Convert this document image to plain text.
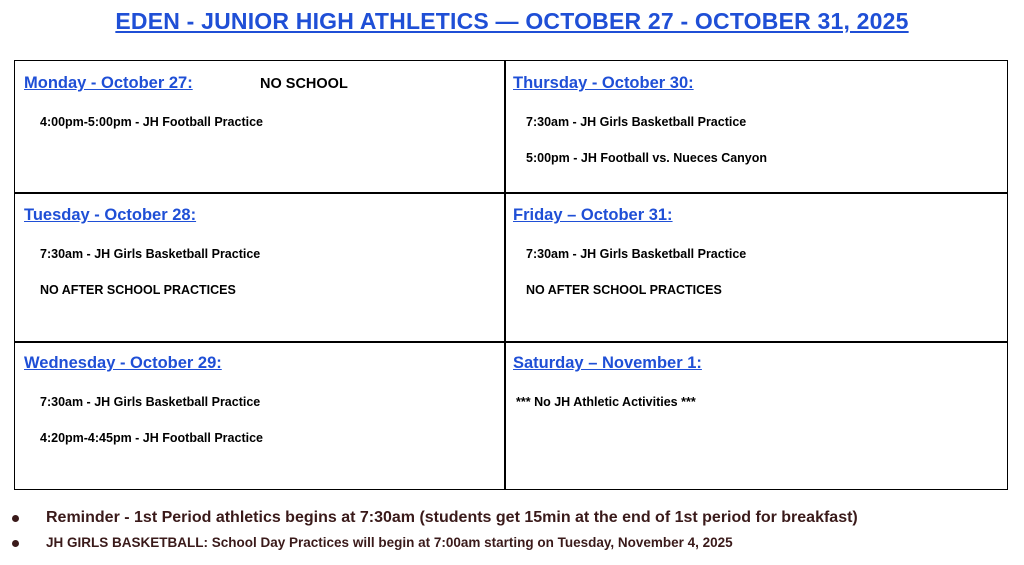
EDEN - JUNIOR HIGH ATHLETICS — OCTOBER 27 - OCTOBER 31, 2025
Monday - October 27:	NO SCHOOL
4:00pm-5:00pm - JH Football Practice
Thursday - October 30:
7:30am - JH Girls Basketball Practice
5:00pm - JH Football vs. Nueces Canyon
Tuesday - October 28:
7:30am - JH Girls Basketball Practice
NO AFTER SCHOOL PRACTICES
Friday – October 31:
7:30am - JH Girls Basketball Practice
NO AFTER SCHOOL PRACTICES
Wednesday - October 29:
7:30am - JH Girls Basketball Practice
4:20pm-4:45pm - JH Football Practice
Saturday – November 1:
*** No JH Athletic Activities ***
Reminder - 1st Period athletics begins at 7:30am (students get 15min at the end of 1st period for breakfast)
JH GIRLS BASKETBALL: School Day Practices will begin at 7:00am starting on Tuesday, November 4, 2025
